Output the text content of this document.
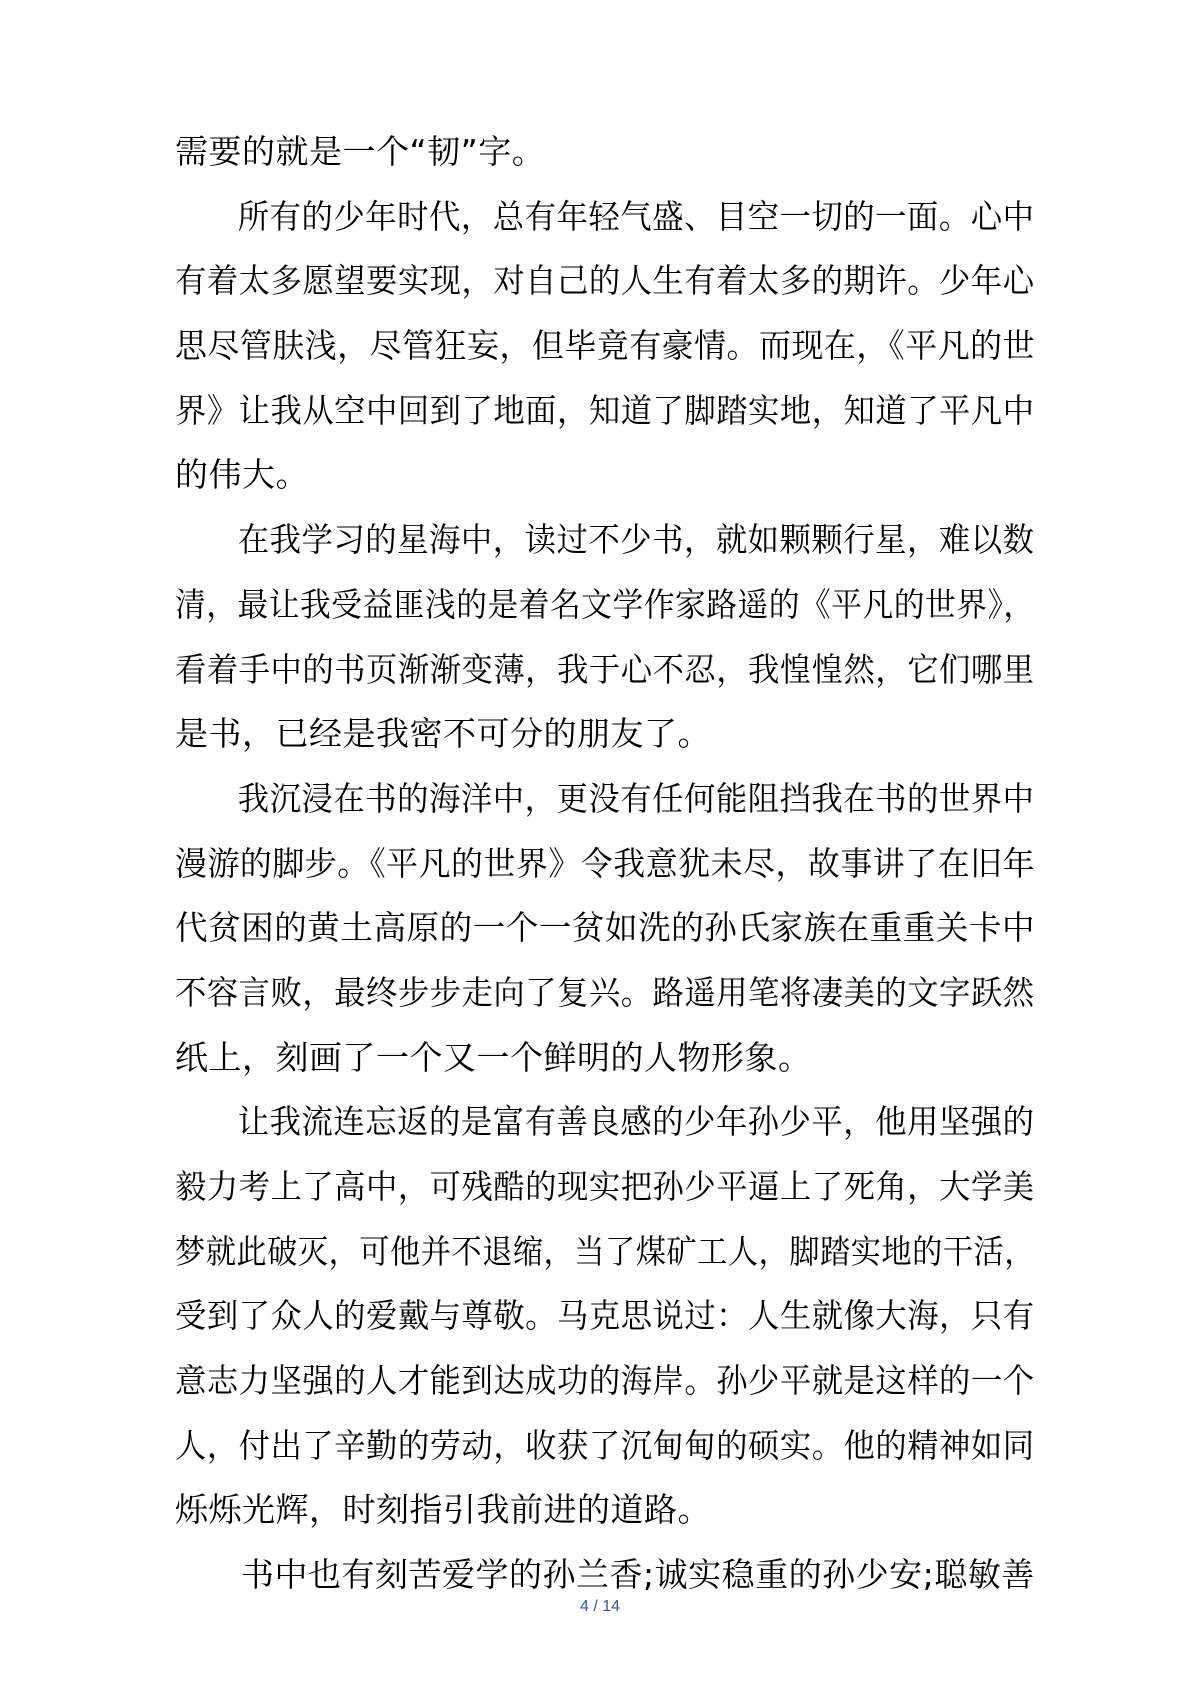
需要的就是一个“韧”字。
所有的少年时代，总有年轻气盛、目空一切的一面。心中
有着太多愿望要实现，对自己的人生有着太多的期许。少年心
思尽管肤浅，尽管狂妄，但毕竟有豪情。而现在，《平凡的世
界》让我从空中回到了地面，知道了脚踏实地，知道了平凡中
的伟大。
在我学习的星海中，读过不少书，就如颗颗行星，难以数
清，最让我受益匪浅的是着名文学作家路遥的《平凡的世界》，
看着手中的书页渐渐变薄，我于心不忍，我惶惶然，它们哪里
是书，已经是我密不可分的朋友了。
我沉浸在书的海洋中，更没有任何能阻挡我在书的世界中
漫游的脚步。《平凡的世界》令我意犹未尽，故事讲了在旧年
代贫困的黄土高原的一个一贫如洗的孙氏家族在重重关卡中
不容言败，最终步步走向了复兴。路遥用笔将凄美的文字跃然
纸上，刻画了一个又一个鲜明的人物形象。
让我流连忘返的是富有善良感的少年孙少平，他用坚强的
毅力考上了高中，可残酷的现实把孙少平逼上了死角，大学美
梦就此破灭，可他并不退缩，当了煤矿工人，脚踏实地的干活，
受到了众人的爱戴与尊敬。马克思说过：人生就像大海，只有
意志力坚强的人才能到达成功的海岸。孙少平就是这样的一个
人，付出了辛勤的劳动，收获了沉甸甸的硕实。他的精神如同
烁烁光辉，时刻指引我前进的道路。
书中也有刻苦爱学的孙兰香;诚实稳重的孙少安;聪敏善
4 / 14
